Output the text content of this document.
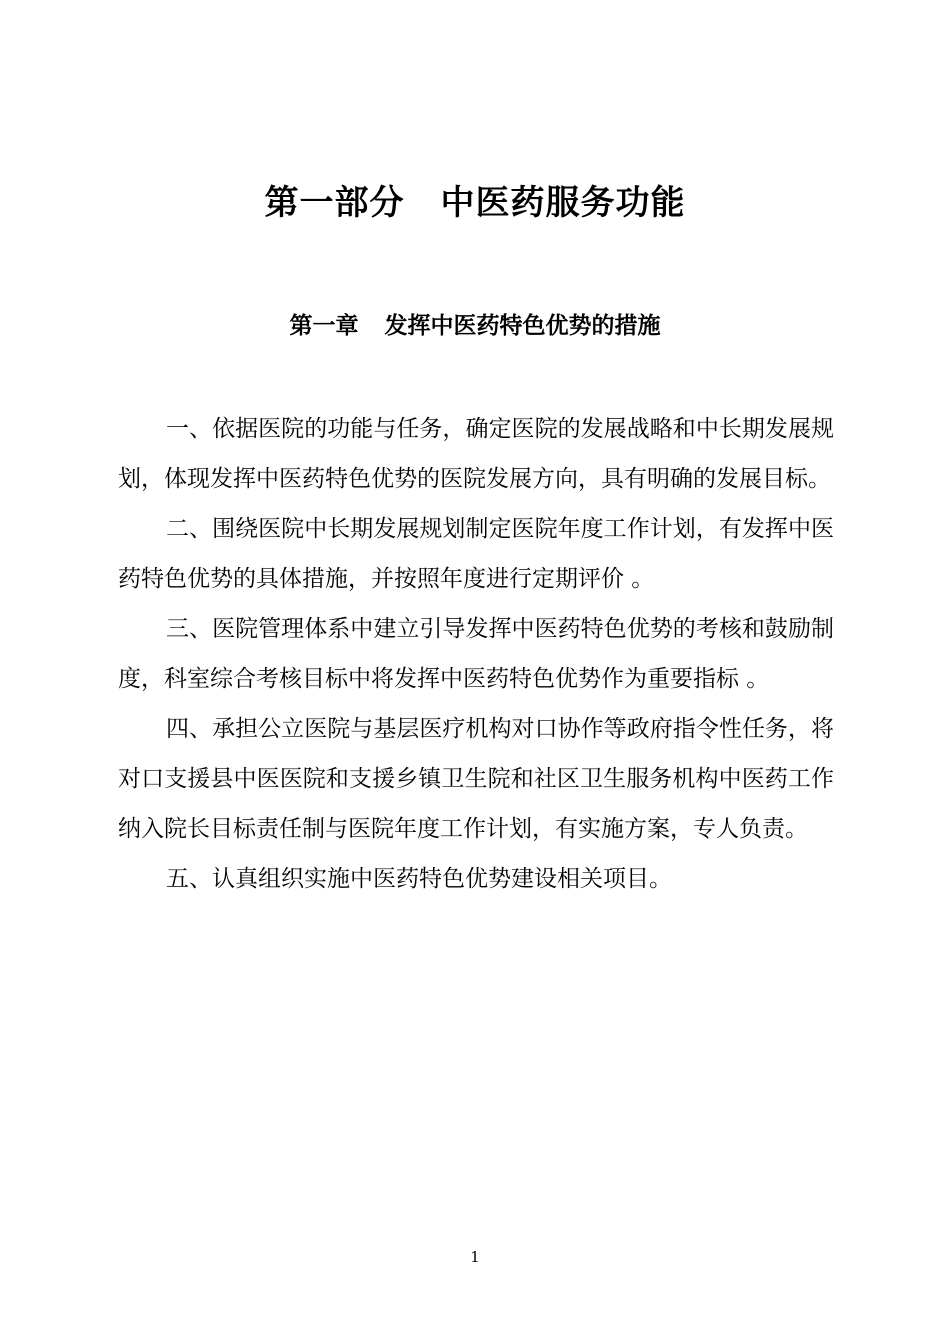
第一部分 中医药服务功能
第一章 发挥中医药特色优势的措施

一、依据医院的功能与任务，确定医院的发展战略和中长期发展规划，体现发挥中医药特色优势的医院发展方向，具有明确的发展目标。

二、围绕医院中长期发展规划制定医院年度工作计划，有发挥中医药特色优势的具体措施，并按照年度进行定期评价 。

三、医院管理体系中建立引导发挥中医药特色优势的考核和鼓励制度，科室综合考核目标中将发挥中医药特色优势作为重要指标 。

四、承担公立医院与基层医疗机构对口协作等政府指令性任务，将对口支援县中医医院和支援乡镇卫生院和社区卫生服务机构中医药工作纳入院长目标责任制与医院年度工作计划，有实施方案，专人负责。

五、认真组织实施中医药特色优势建设相关项目。

1
